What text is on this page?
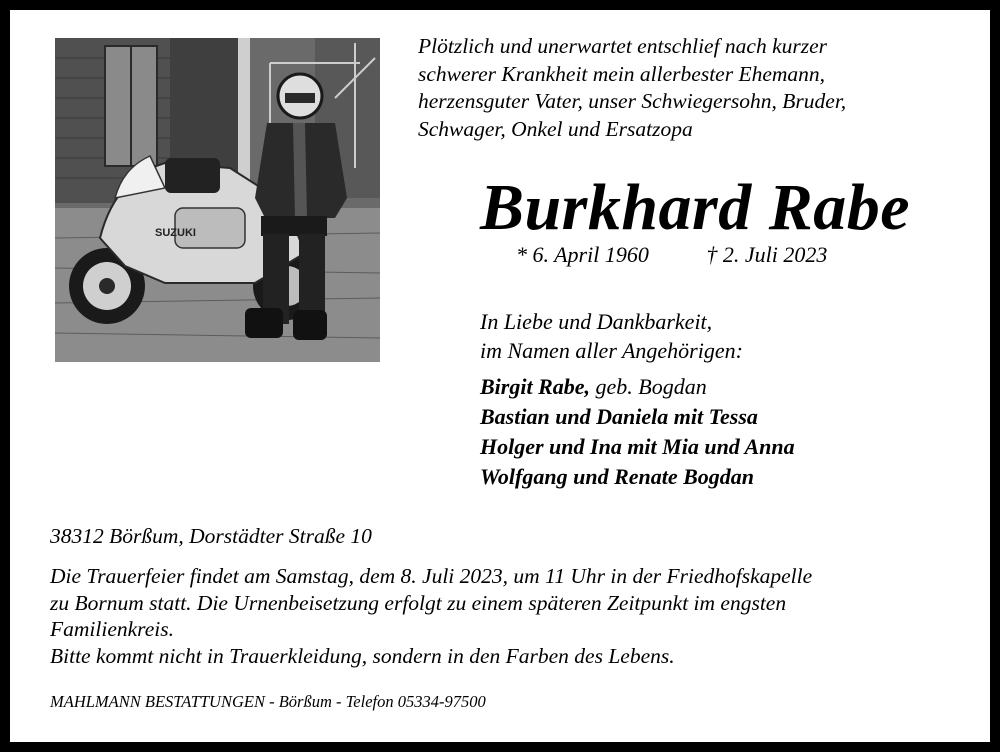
SUZUKI
Plötzlich und unerwartet entschlief nach kurzer
schwerer Krankheit mein allerbester Ehemann,
herzensguter Vater, unser Schwiegersohn, Bruder,
Schwager, Onkel und Ersatzopa
Burkhard Rabe
* 6. April 1960	† 2. Juli 2023
In Liebe und Dankbarkeit,
im Namen aller Angehörigen:
Birgit Rabe, geb. Bogdan
Bastian und Daniela mit Tessa
Holger und Ina mit Mia und Anna
Wolfgang und Renate Bogdan
38312 Börßum, Dorstädter Straße 10
Die Trauerfeier findet am Samstag, dem 8. Juli 2023, um 11 Uhr in der Friedhofskapelle
zu Bornum statt. Die Urnenbeisetzung erfolgt zu einem späteren Zeitpunkt im engsten
Familienkreis.
Bitte kommt nicht in Trauerkleidung, sondern in den Farben des Lebens.
MAHLMANN BESTATTUNGEN - Börßum - Telefon 05334-97500
